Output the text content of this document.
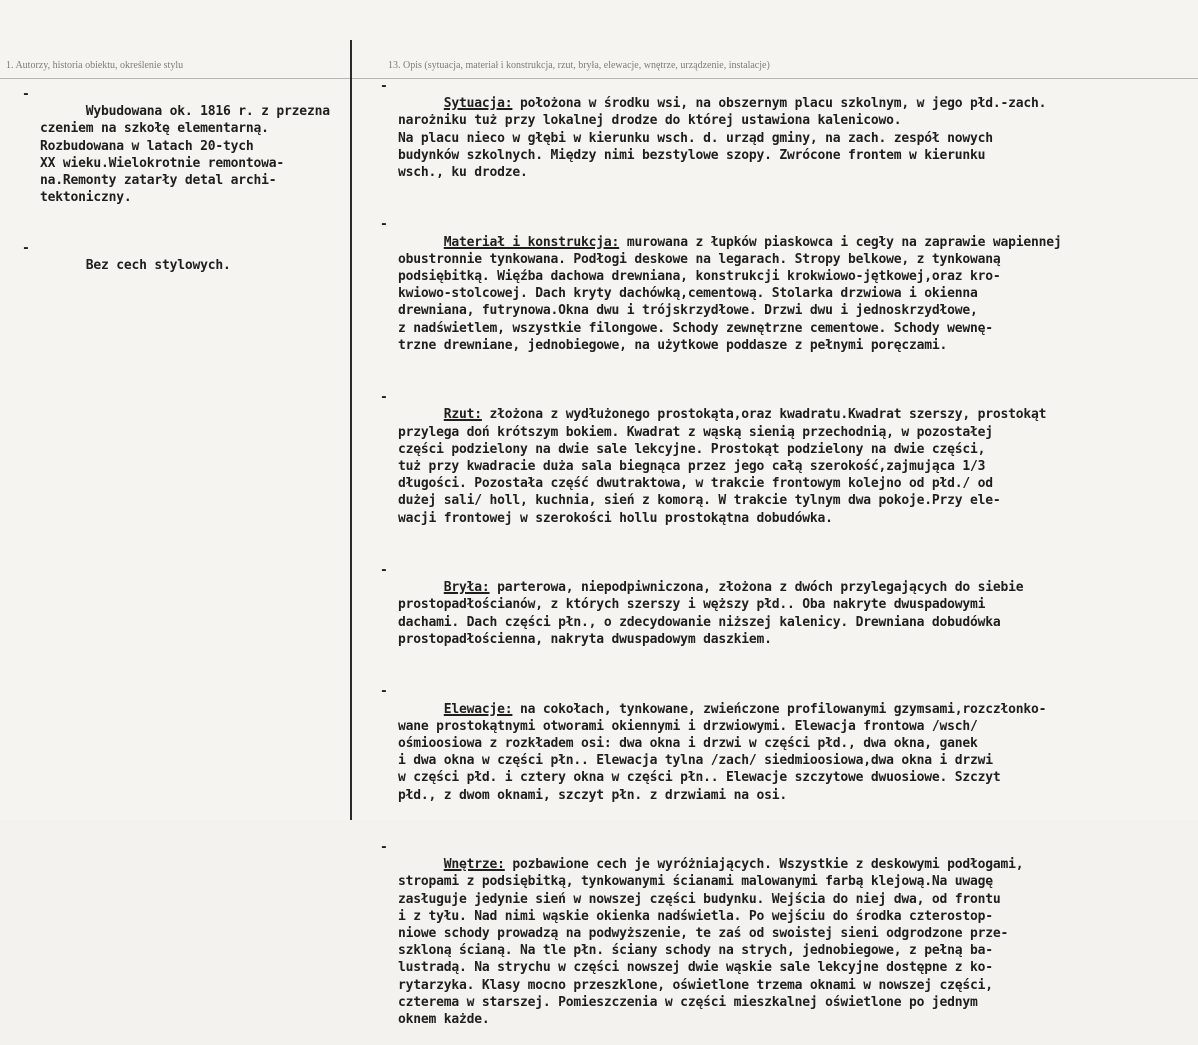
1. Autorzy, historia obiektu, określenie stylu	13. Opis (sytuacja, materiał i konstrukcja, rzut, bryła, elewacje, wnętrze, urządzenie, instalacje)

-
Wybudowana ok. 1816 r. z przezna
czeniem na szkołę elementarną.
Rozbudowana w latach 20-tych
XX wieku.Wielokrotnie remontowa-
na.Remonty zatarły detal archi-
tektoniczny.

-
Bez cech stylowych.

-
Sytuacja: położona w środku wsi, na obszernym placu szkolnym, w jego płd.-zach.
narożniku tuż przy lokalnej drodze do której ustawiona kalenicowo.
Na placu nieco w głębi w kierunku wsch. d. urząd gminy, na zach. zespół nowych
budynków szkolnych. Między nimi bezstylowe szopy. Zwrócone frontem w kierunku
wsch., ku drodze.

-
Materiał i konstrukcja: murowana z łupków piaskowca i cegły na zaprawie wapiennej
obustronnie tynkowana. Podłogi deskowe na legarach. Stropy belkowe, z tynkowaną
podsiębitką. Więźba dachowa drewniana, konstrukcji krokwiowo-jętkowej,oraz kro-
kwiowo-stolcowej. Dach kryty dachówką,cementową. Stolarka drzwiowa i okienna
drewniana, futrynowa.Okna dwu i trójskrzydłowe. Drzwi dwu i jednoskrzydłowe,
z nadświetlem, wszystkie filongowe. Schody zewnętrzne cementowe. Schody wewnę-
trzne drewniane, jednobiegowe, na użytkowe poddasze z pełnymi poręczami.

-
Rzut: złożona z wydłużonego prostokąta,oraz kwadratu.Kwadrat szerszy, prostokąt
przylega doń krótszym bokiem. Kwadrat z wąską sienią przechodnią, w pozostałej
części podzielony na dwie sale lekcyjne. Prostokąt podzielony na dwie części,
tuż przy kwadracie duża sala biegnąca przez jego całą szerokość,zajmująca 1/3
długości. Pozostała część dwutraktowa, w trakcie frontowym kolejno od płd./ od
dużej sali/ holl, kuchnia, sień z komorą. W trakcie tylnym dwa pokoje.Przy ele-
wacji frontowej w szerokości hollu prostokątna dobudówka.

-
Bryła: parterowa, niepodpiwniczona, złożona z dwóch przylegających do siebie
prostopadłościanów, z których szerszy i węższy płd.. Oba nakryte dwuspadowymi
dachami. Dach części płn., o zdecydowanie niższej kalenicy. Drewniana dobudówka
prostopadłościenna, nakryta dwuspadowym daszkiem.

-
Elewacje: na cokołach, tynkowane, zwieńczone profilowanymi gzymsami,rozczłonko-
wane prostokątnymi otworami okiennymi i drzwiowymi. Elewacja frontowa /wsch/
ośmioosiowa z rozkładem osi: dwa okna i drzwi w części płd., dwa okna, ganek
i dwa okna w części płn.. Elewacja tylna /zach/ siedmioosiowa,dwa okna i drzwi
w części płd. i cztery okna w części płn.. Elewacje szczytowe dwuosiowe. Szczyt
płd., z dwom oknami, szczyt płn. z drzwiami na osi.

-
Wnętrze: pozbawione cech je wyróżniających. Wszystkie z deskowymi podłogami,
stropami z podsiębitką, tynkowanymi ścianami malowanymi farbą klejową.Na uwagę
zasługuje jedynie sień w nowszej części budynku. Wejścia do niej dwa, od frontu
i z tyłu. Nad nimi wąskie okienka nadświetla. Po wejściu do środka czterostop-
niowe schody prowadzą na podwyższenie, te zaś od swoistej sieni odgrodzone prze-
szkloną ścianą. Na tle płn. ściany schody na strych, jednobiegowe, z pełną ba-
lustradą. Na strychu w części nowszej dwie wąskie sale lekcyjne dostępne z ko-
rytarzyka. Klasy mocno przeszklone, oświetlone trzema oknami w nowszej części,
czterema w starszej. Pomieszczenia w części mieszkalnej oświetlone po jednym
oknem każde.
